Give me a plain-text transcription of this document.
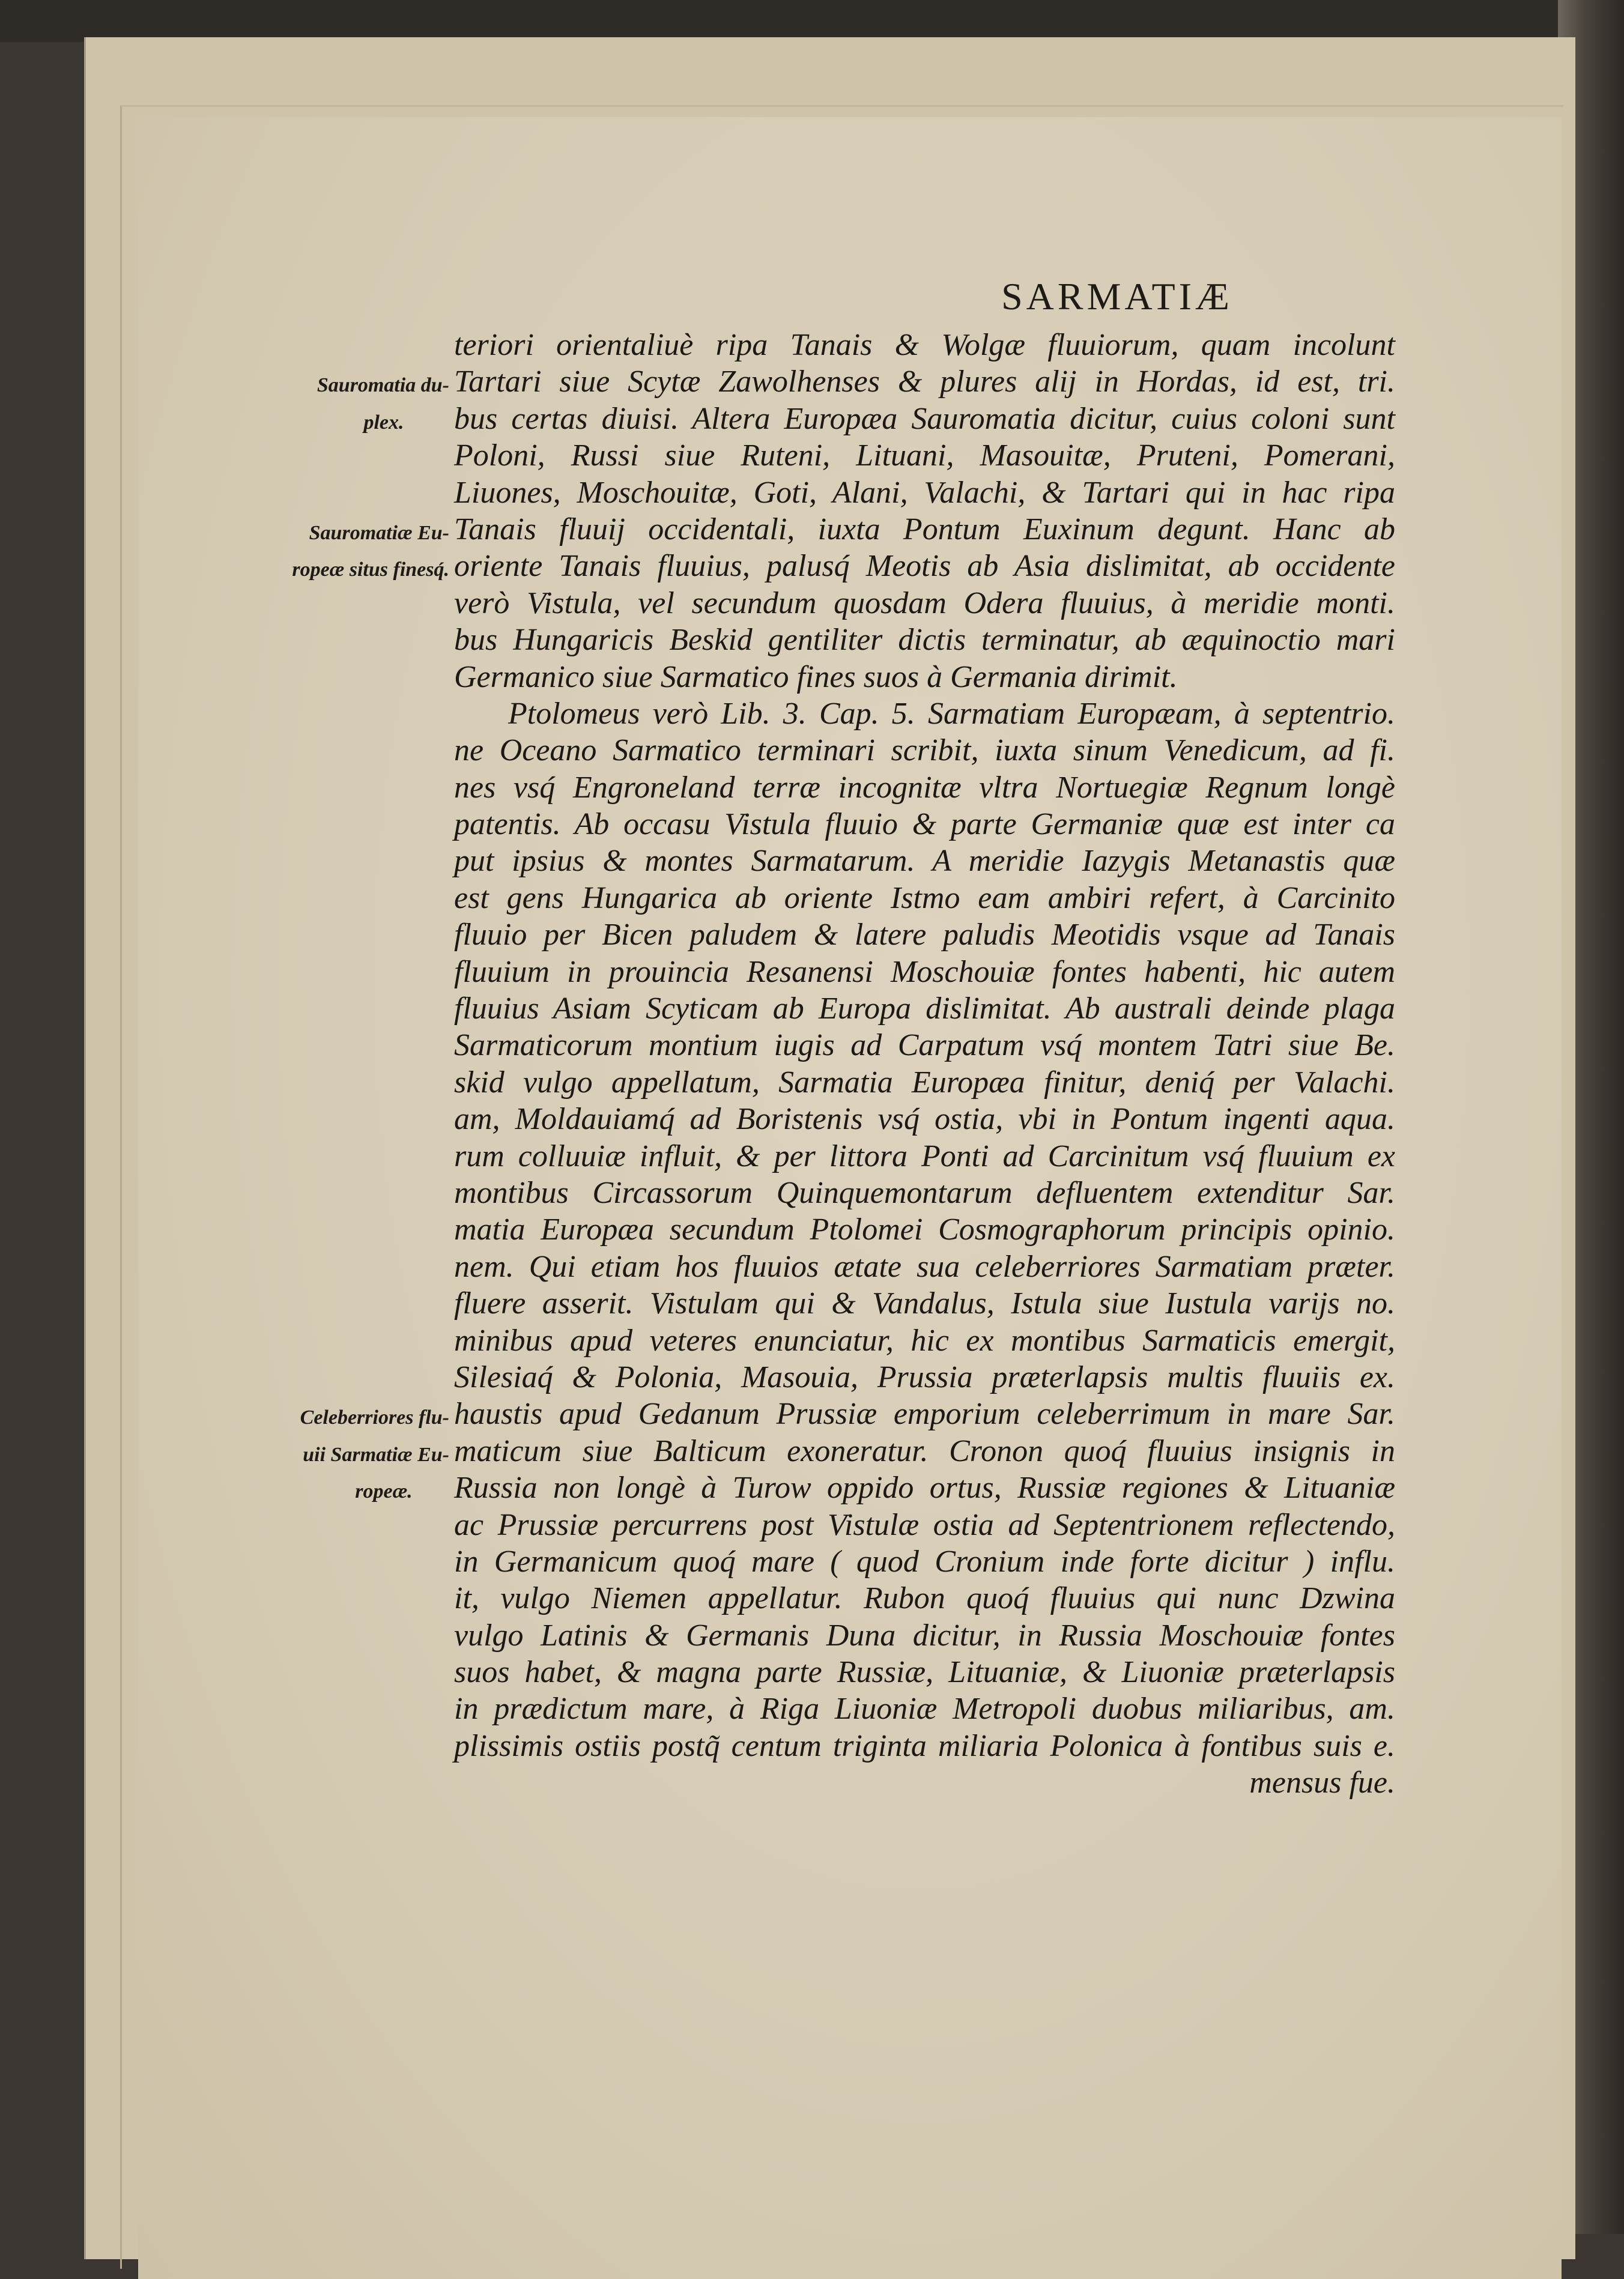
SARMATIÆ
teriori orientaliuè ripa Tanais & Wolgæ fluuiorum, quam incolunt
Sauromatia du- Tartari siue Scytæ Zawolhenses & plures alij in Hordas, id est, tri.
plex.	bus certas diuisi. Altera Europæa Sauromatia dicitur, cuius coloni sunt
Poloni, Russi siue Ruteni, Lituani, Masouitæ, Pruteni, Pomerani,
Liuones, Moschouitæ, Goti, Alani, Valachi, & Tartari qui in hac ripa
Sauromatiæ Eu- Tanais fluuij occidentali, iuxta Pontum Euxinum degunt. Hanc ab
ropeæ situs finesq́. oriente Tanais fluuius, palusq́ Meotis ab Asia dislimitat, ab occidente
verò Vistula, vel secundum quosdam Odera fluuius, à meridie monti.
bus Hungaricis Beskid gentiliter dictis terminatur, ab æquinoctio mari
Germanico siue Sarmatico fines suos à Germania dirimit.
Ptolomeus verò Lib. 3. Cap. 5. Sarmatiam Europæam, à septentrio.
ne Oceano Sarmatico terminari scribit, iuxta sinum Venedicum, ad fi.
nes vsq́ Engroneland terræ incognitæ vltra Nortuegiæ Regnum longè
patentis. Ab occasu Vistula fluuio & parte Germaniæ quæ est inter ca
put ipsius & montes Sarmatarum. A meridie Iazygis Metanastis quæ
est gens Hungarica ab oriente Istmo eam ambiri refert, à Carcinito
fluuio per Bicen paludem & latere paludis Meotidis vsque ad Tanais
fluuium in prouincia Resanensi Moschouiæ fontes habenti, hic autem
fluuius Asiam Scyticam ab Europa dislimitat. Ab australi deinde plaga
Sarmaticorum montium iugis ad Carpatum vsq́ montem Tatri siue Be.
skid vulgo appellatum, Sarmatia Europæa finitur, deniq́ per Valachi.
am, Moldauiamq́ ad Boristenis vsq́ ostia, vbi in Pontum ingenti aqua.
rum colluuiæ influit, & per littora Ponti ad Carcinitum vsq́ fluuium ex
montibus Circassorum Quinquemontarum defluentem extenditur Sar.
matia Europæa secundum Ptolomei Cosmographorum principis opinio.
nem. Qui etiam hos fluuios ætate sua celeberriores Sarmatiam præter.
fluere asserit. Vistulam qui & Vandalus, Istula siue Iustula varijs no.
minibus apud veteres enunciatur, hic ex montibus Sarmaticis emergit,
Silesiaq́ & Polonia, Masouia, Prussia præterlapsis multis fluuiis ex.
Celeberriores flu- haustis apud Gedanum Prussiæ emporium celeberrimum in mare Sar.
uii Sarmatiæ Eu- maticum siue Balticum exoneratur. Cronon quoq́ fluuius insignis in
ropeæ.	Russia non longè à Turow oppido ortus, Russiæ regiones & Lituaniæ
ac Prussiæ percurrens post Vistulæ ostia ad Septentrionem reflectendo,
in Germanicum quoq́ mare ( quod Cronium inde forte dicitur ) influ.
it, vulgo Niemen appellatur. Rubon quoq́ fluuius qui nunc Dzwina
vulgo Latinis & Germanis Duna dicitur, in Russia Moschouiæ fontes
suos habet, & magna parte Russiæ, Lituaniæ, & Liuoniæ præterlapsis
in prædictum mare, à Riga Liuoniæ Metropoli duobus miliaribus, am.
plissimis ostiis postq̃ centum triginta miliaria Polonica à fontibus suis e.
mensus fue.
